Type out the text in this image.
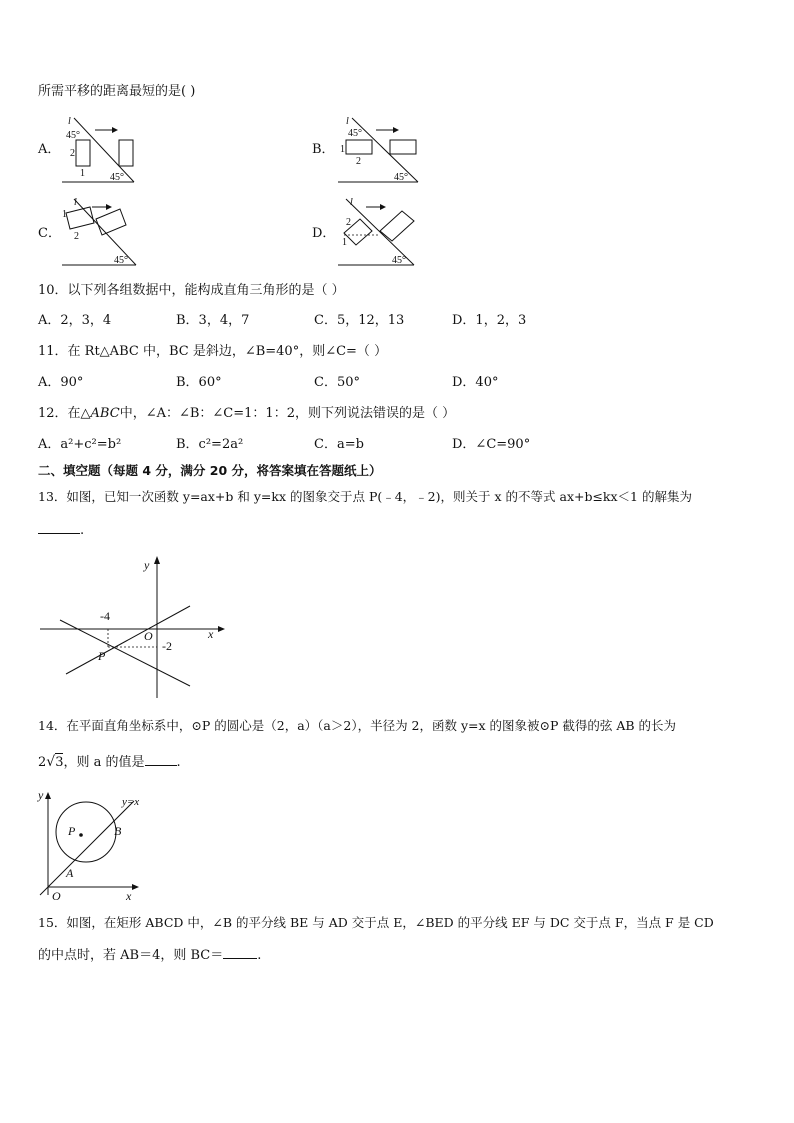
所需平移的距离最短的是( )
A．
l
45°
2
1	45°
B．
l
45°
1
2
45°
C．
l
1
2
45°
D．
l
2
1
45°
10．以下列各组数据中，能构成直角三角形的是（ ）
A．2，3，4	B．3，4，7	C．5，12，13	D．1，2，3
11．在 Rt△ABC 中，BC 是斜边，∠B=40°，则∠C=（ ）
A．90°	B．60°	C．50°	D．40°
12．在△ABC中，∠A：∠B：∠C=1：1：2，则下列说法错误的是（ ）
A．a²+c²=b²	B．c²=2a²	C．a=b	D．∠C=90°
二、填空题（每题 4 分，满分 20 分，将答案填在答题纸上）
13．如图，已知一次函数 y=ax+b 和 y=kx 的图象交于点 P(﹣4，﹣2)，则关于 x 的不等式 ax+b≤kx＜1 的解集为
.
y
x
O
P
-4
-2
14．在平面直角坐标系中，⊙P 的圆心是（2，a）（a＞2），半径为 2，函数 y=x 的图象被⊙P 截得的弦 AB 的长为
2√3，则 a 的值是 .
y
x
O
P
A
B
y=x
15．如图，在矩形 ABCD 中，∠B 的平分线 BE 与 AD 交于点 E，∠BED 的平分线 EF 与 DC 交于点 F，当点 F 是 CD
的中点时，若 AB＝4，则 BC＝	.
